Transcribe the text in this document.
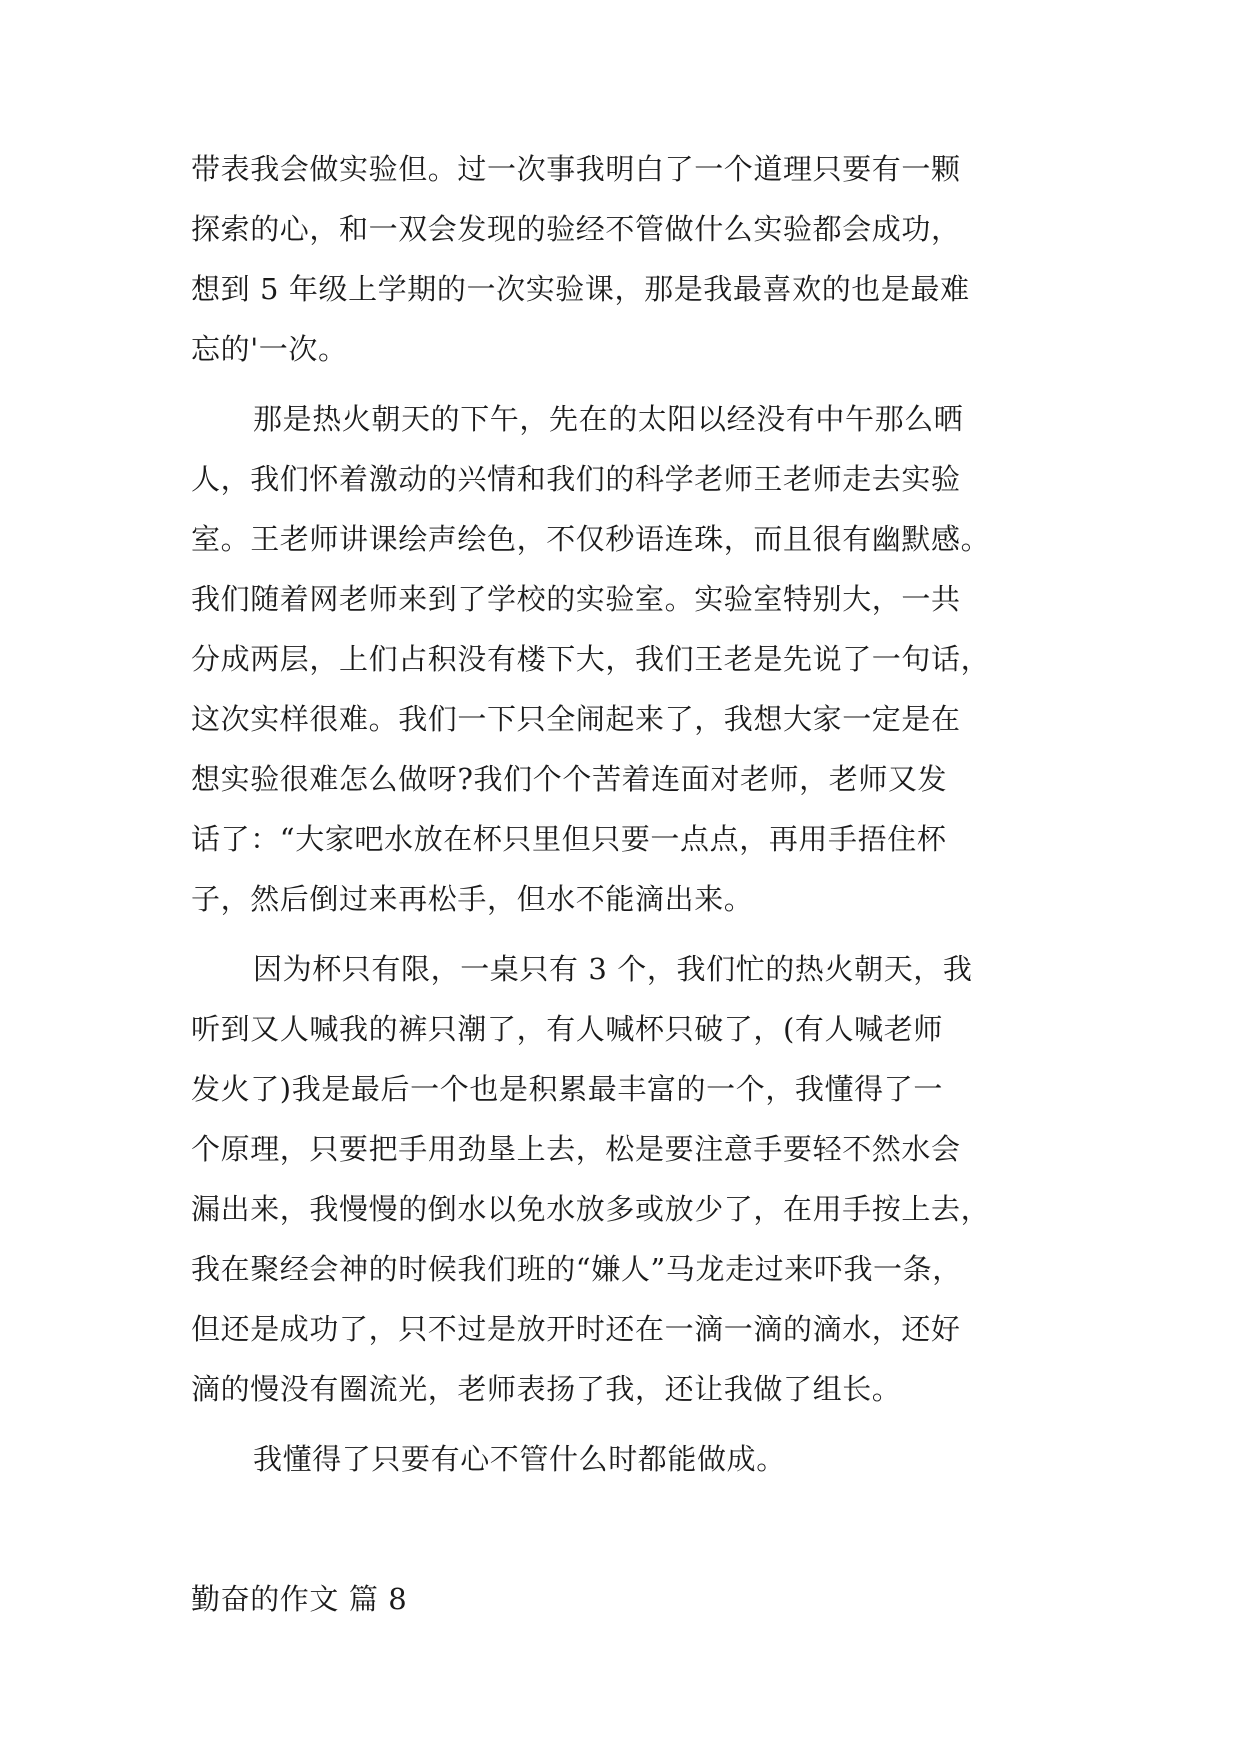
带表我会做实验但。过一次事我明白了一个道理只要有一颗
探索的心，和一双会发现的验经不管做什么实验都会成功，
想到 5 年级上学期的一次实验课，那是我最喜欢的也是最难
忘的'一次。
那是热火朝天的下午，先在的太阳以经没有中午那么晒
人，我们怀着激动的兴情和我们的科学老师王老师走去实验
室。王老师讲课绘声绘色，不仅秒语连珠，而且很有幽默感。
我们随着网老师来到了学校的实验室。实验室特别大，一共
分成两层，上们占积没有楼下大，我们王老是先说了一句话，
这次实样很难。我们一下只全闹起来了，我想大家一定是在
想实验很难怎么做呀?我们个个苦着连面对老师，老师又发
话了：“大家吧水放在杯只里但只要一点点，再用手捂住杯
子，然后倒过来再松手，但水不能滴出来。
因为杯只有限，一桌只有 3 个，我们忙的热火朝天，我
听到又人喊我的裤只潮了，有人喊杯只破了，(有人喊老师
发火了)我是最后一个也是积累最丰富的一个，我懂得了一
个原理，只要把手用劲垦上去，松是要注意手要轻不然水会
漏出来，我慢慢的倒水以免水放多或放少了，在用手按上去，
我在聚经会神的时候我们班的“嫌人”马龙走过来吓我一条，
但还是成功了，只不过是放开时还在一滴一滴的滴水，还好
滴的慢没有圈流光，老师表扬了我，还让我做了组长。
我懂得了只要有心不管什么时都能做成。
勤奋的作文 篇 8
